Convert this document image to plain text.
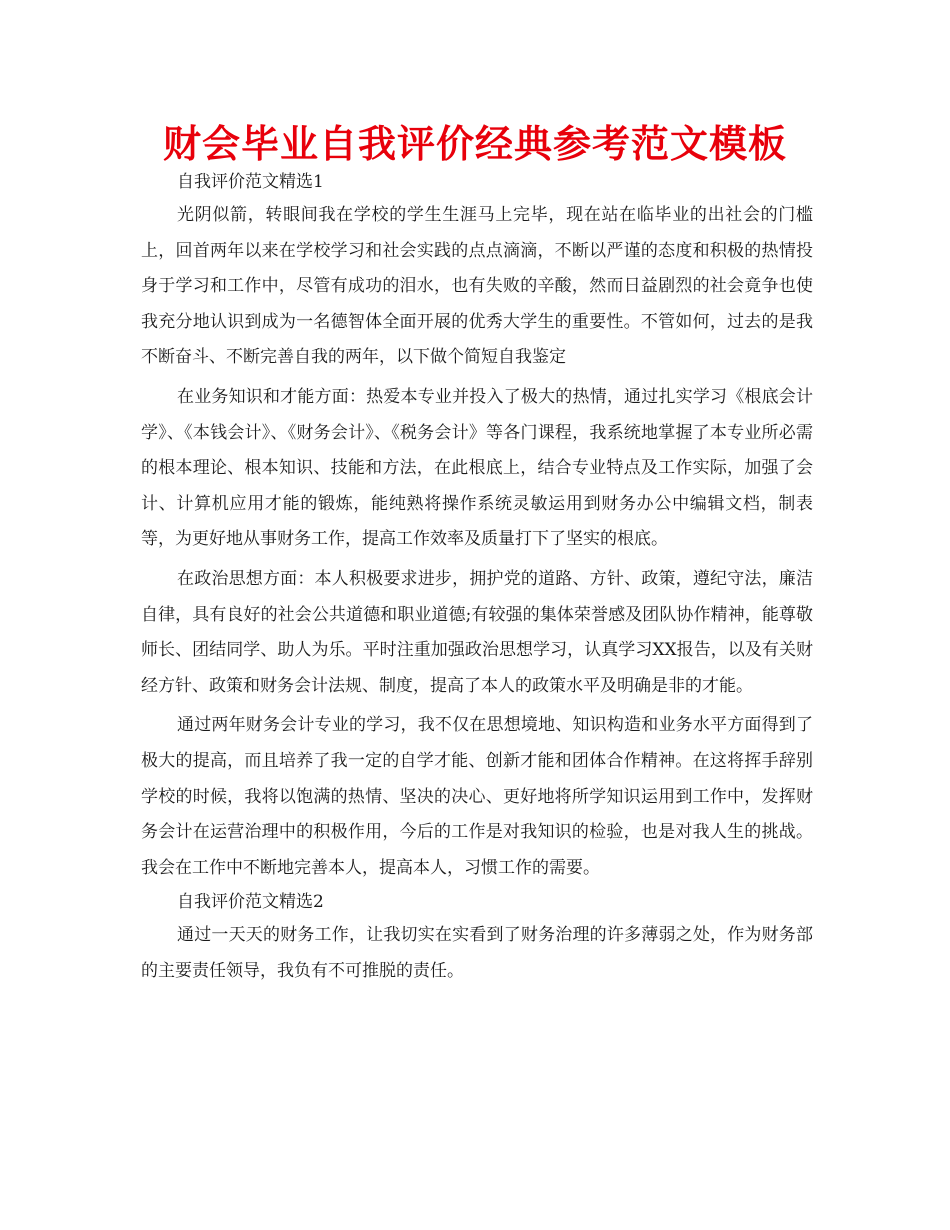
财会毕业自我评价经典参考范文模板

自我评价范文精选1

光阴似箭，转眼间我在学校的学生生涯马上完毕，现在站在临毕业的出社会的门槛上，回首两年以来在学校学习和社会实践的点点滴滴，不断以严谨的态度和积极的热情投身于学习和工作中，尽管有成功的泪水，也有失败的辛酸，然而日益剧烈的社会竟争也使我充分地认识到成为一名德智体全面开展的优秀大学生的重要性。不管如何，过去的是我不断奋斗、不断完善自我的两年，以下做个简短自我鉴定

在业务知识和才能方面：热爱本专业并投入了极大的热情，通过扎实学习《根底会计学》、《本钱会计》、《财务会计》、《税务会计》等各门课程，我系统地掌握了本专业所必需的根本理论、根本知识、技能和方法，在此根底上，结合专业特点及工作实际，加强了会计、计算机应用才能的锻炼，能纯熟将操作系统灵敏运用到财务办公中编辑文档，制表等，为更好地从事财务工作，提高工作效率及质量打下了坚实的根底。

在政治思想方面：本人积极要求进步，拥护党的道路、方针、政策，遵纪守法，廉洁自律，具有良好的社会公共道德和职业道德;有较强的集体荣誉感及团队协作精神，能尊敬师长、团结同学、助人为乐。平时注重加强政治思想学习，认真学习XX报告，以及有关财经方针、政策和财务会计法规、制度，提高了本人的政策水平及明确是非的才能。

通过两年财务会计专业的学习，我不仅在思想境地、知识构造和业务水平方面得到了极大的提高，而且培养了我一定的自学才能、创新才能和团体合作精神。在这将挥手辞别学校的时候，我将以饱满的热情、坚决的决心、更好地将所学知识运用到工作中，发挥财务会计在运营治理中的积极作用，今后的工作是对我知识的检验，也是对我人生的挑战。我会在工作中不断地完善本人，提高本人，习惯工作的需要。

自我评价范文精选2

通过一天天的财务工作，让我切实在实看到了财务治理的许多薄弱之处，作为财务部的主要责任领导，我负有不可推脱的责任。
